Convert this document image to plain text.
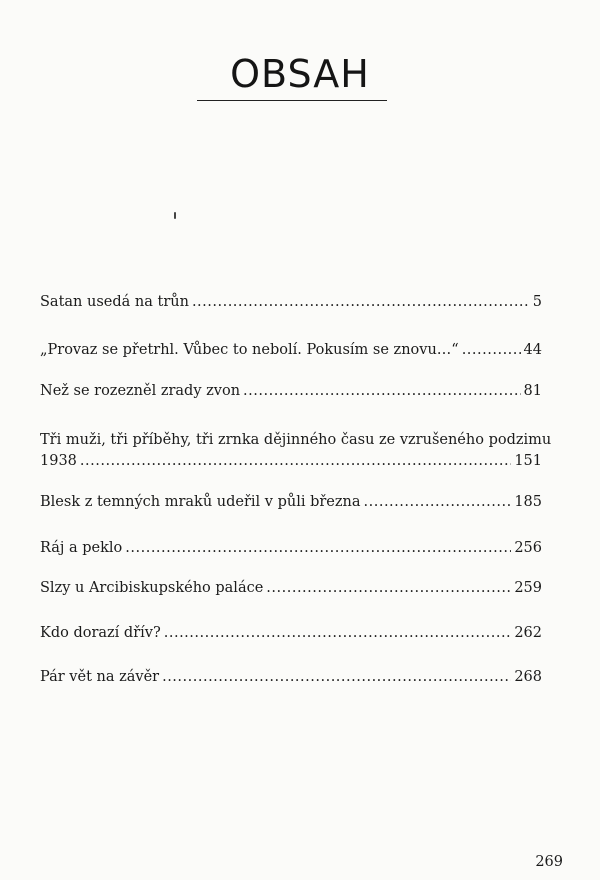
OBSAH
Satan usedá na trůn .....	5
„Provaz se přetrhl. Vůbec to nebolí. Pokusím se znovu…“ .....	44
Než se rozezněl zrady zvon .....	81
Tři muži, tři příběhy, tři zrnka dějinného času ze vzrušeného podzimu
1938 .....	151
Blesk z temných mraků udeřil v půli března .....	185
Ráj a peklo .....	256
Slzy u Arcibiskupského paláce .....	259
Kdo dorazí dřív? .....	262
Pár vět na závěr .....	268
269
